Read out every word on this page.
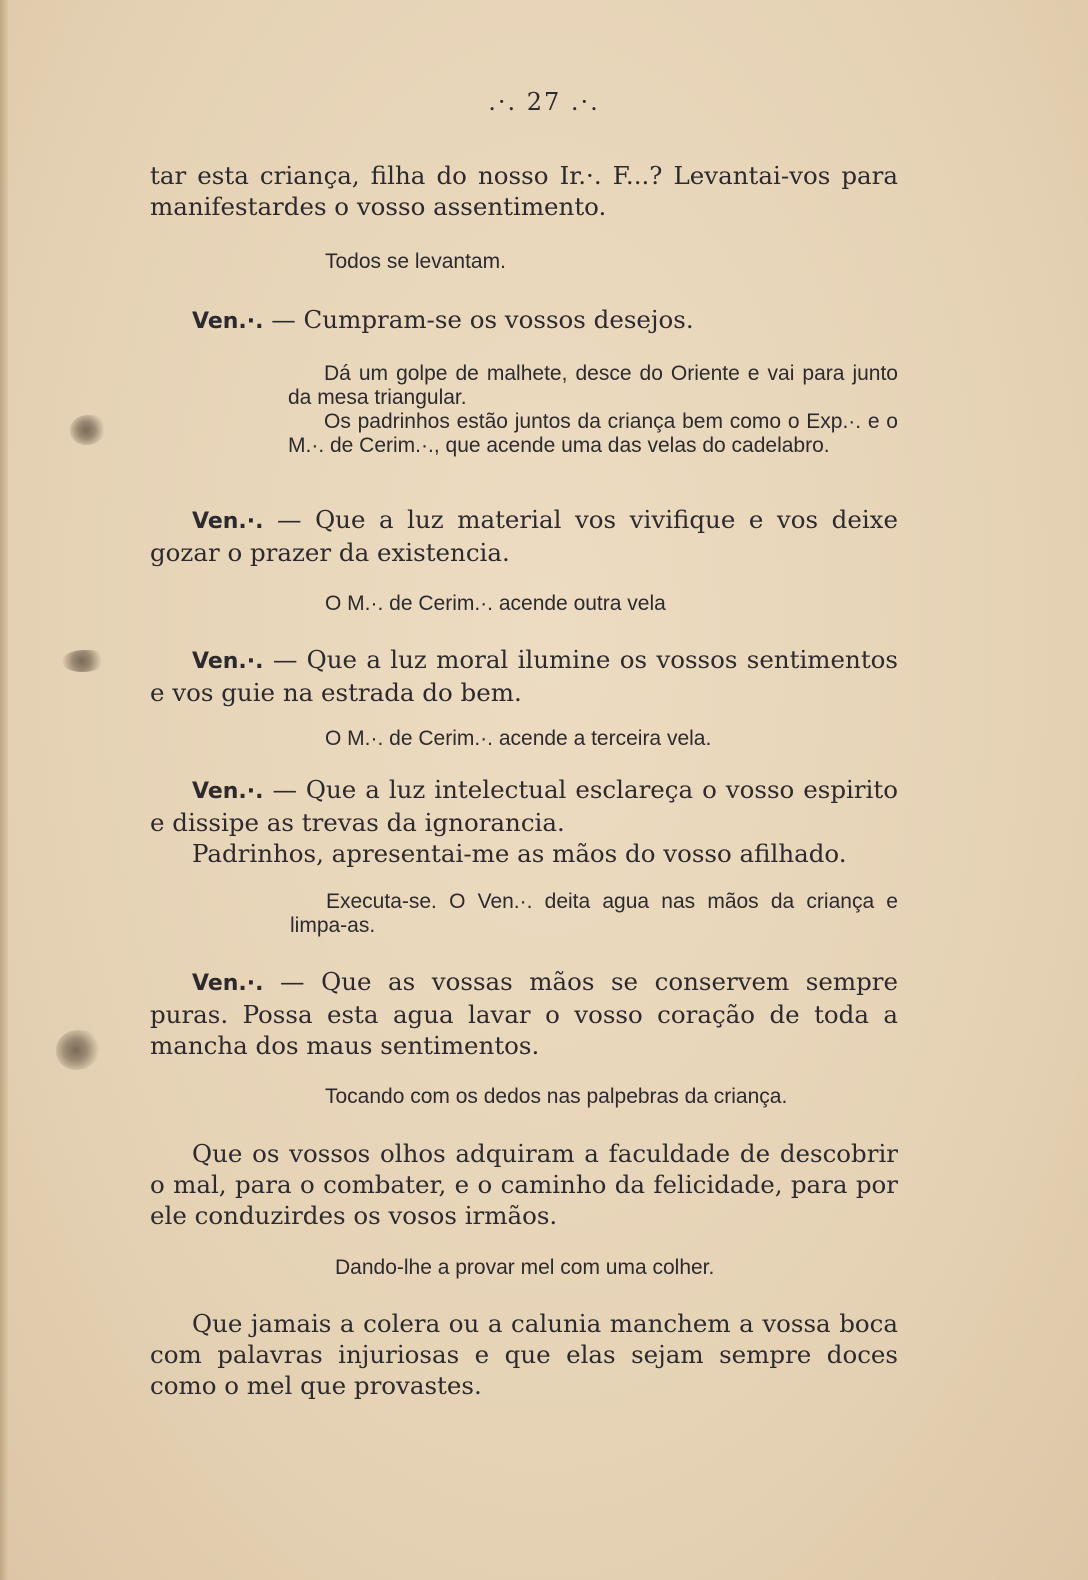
.·. 27 .·.

tar esta criança, filha do nosso Ir.·. F...? Levantai-vos para manifestardes o vosso assentimento.

Todos se levantam.

Ven.·. — Cumpram-se os vossos desejos.

Dá um golpe de malhete, desce do Oriente e vai para junto da mesa triangular.

Os padrinhos estão juntos da criança bem como o Exp.·. e o M.·. de Cerim.·., que acende uma das velas do cadelabro.

Ven.·. — Que a luz material vos vivifique e vos deixe gozar o prazer da existencia.

O M.·. de Cerim.·. acende outra vela

Ven.·. — Que a luz moral ilumine os vossos sentimentos e vos guie na estrada do bem.

O M.·. de Cerim.·. acende a terceira vela.

Ven.·. — Que a luz intelectual esclareça o vosso espirito e dissipe as trevas da ignorancia.

Padrinhos, apresentai-me as mãos do vosso afilhado.

Executa-se. O Ven.·. deita agua nas mãos da criança e limpa-as.

Ven.·. — Que as vossas mãos se conservem sempre puras. Possa esta agua lavar o vosso coração de toda a mancha dos maus sentimentos.

Tocando com os dedos nas palpebras da criança.

Que os vossos olhos adquiram a faculdade de descobrir o mal, para o combater, e o caminho da felicidade, para por ele conduzirdes os vosos irmãos.

Dando-lhe a provar mel com uma colher.

Que jamais a colera ou a calunia manchem a vossa boca com palavras injuriosas e que elas sejam sempre doces como o mel que provastes.
